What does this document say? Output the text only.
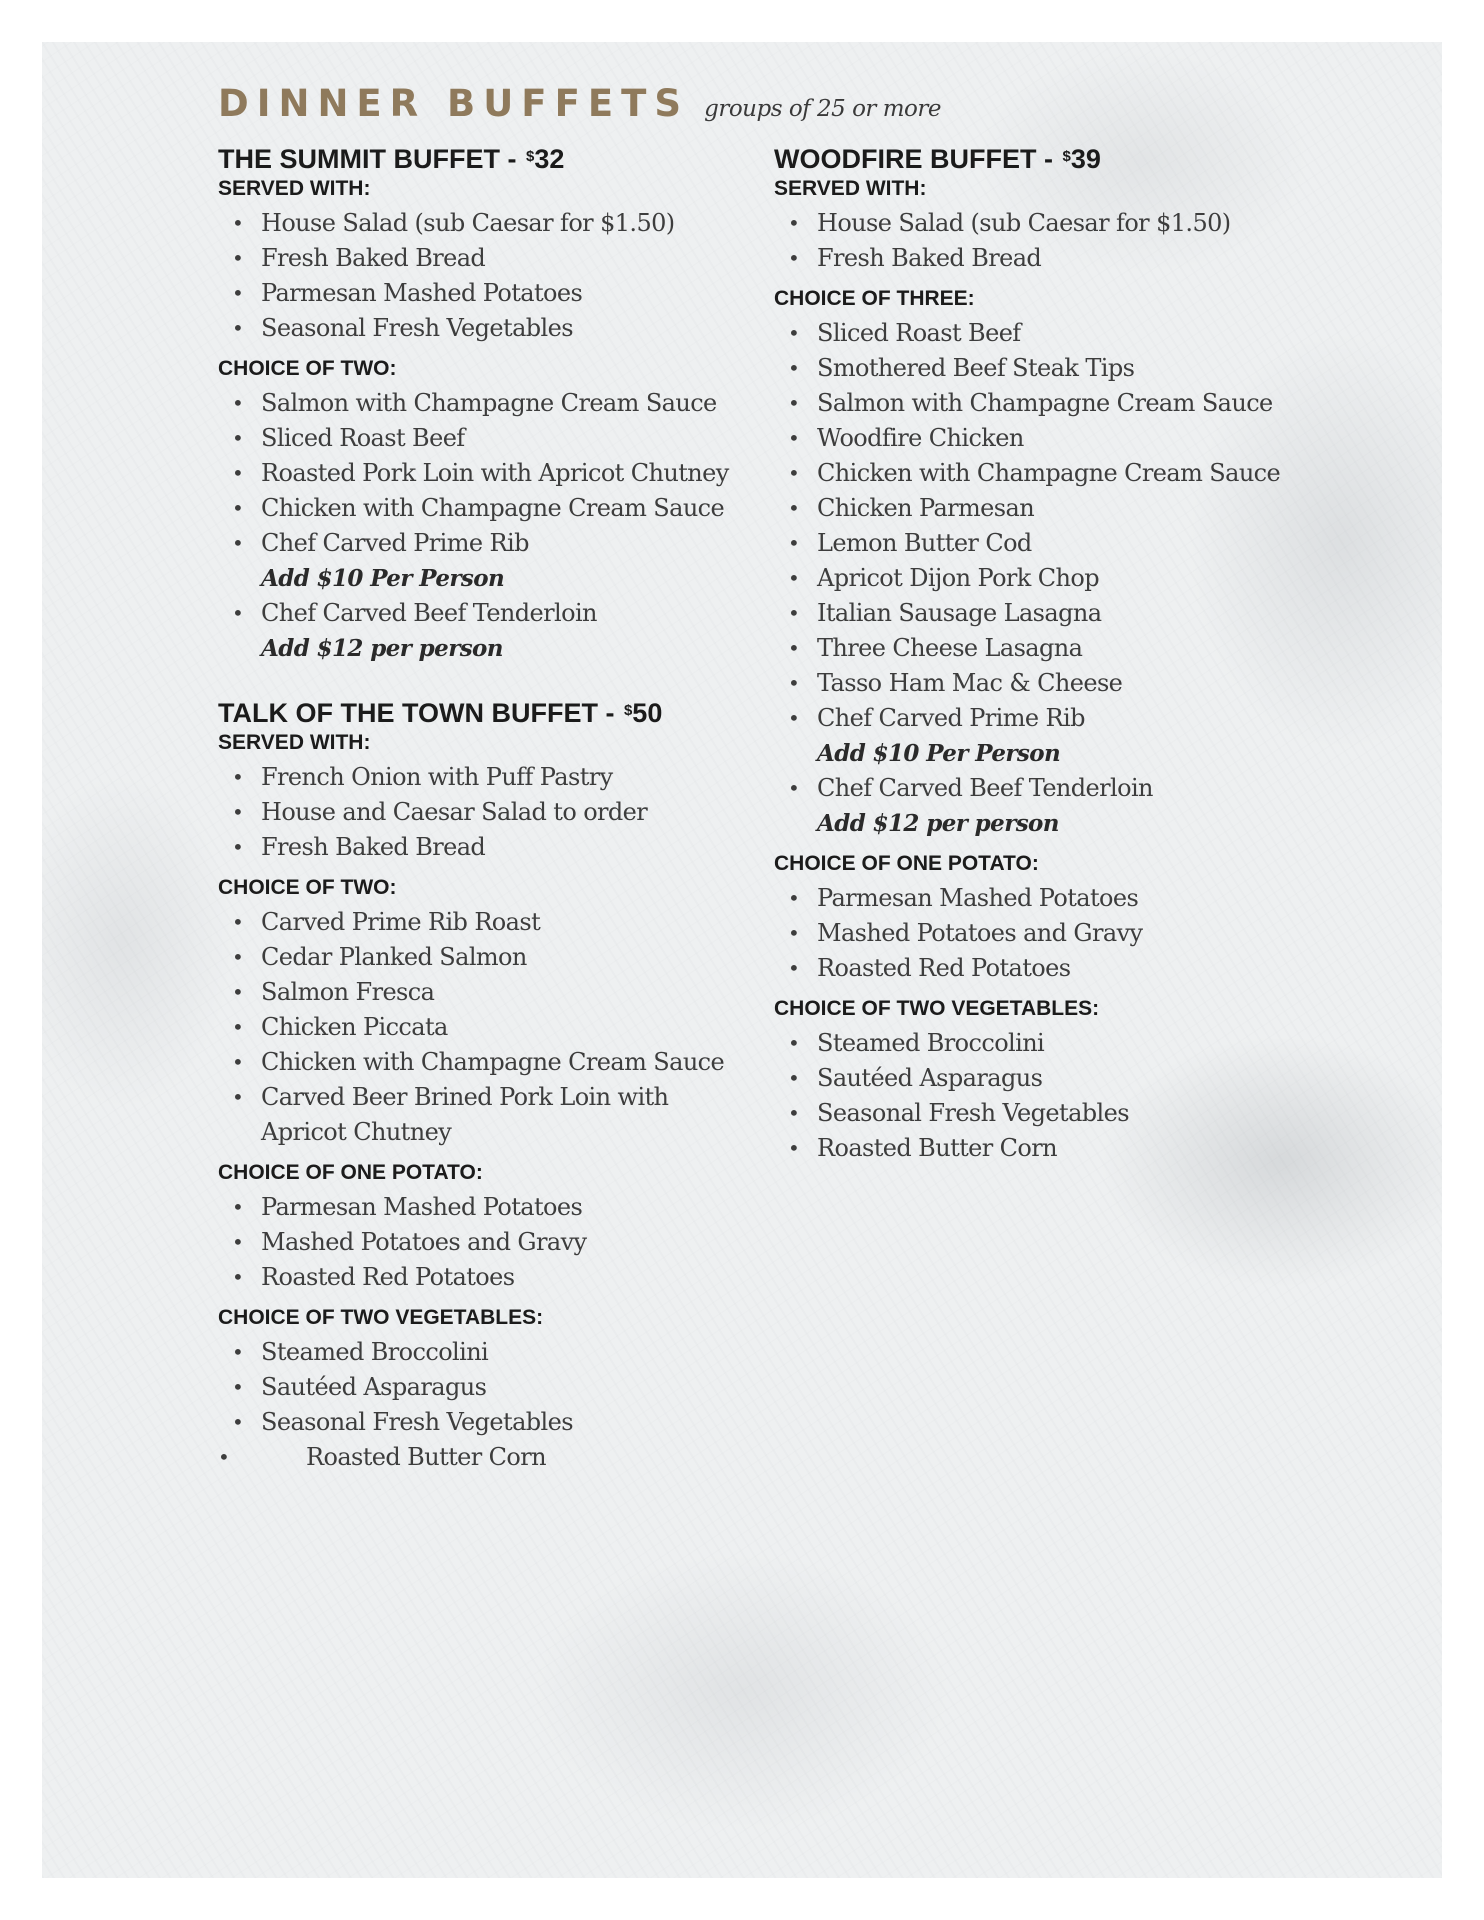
DINNER BUFFETS groups of 25 or more
THE SUMMIT BUFFET - $32
SERVED WITH:
• House Salad (sub Caesar for $1.50)
• Fresh Baked Bread
• Parmesan Mashed Potatoes
• Seasonal Fresh Vegetables
CHOICE OF TWO:
• Salmon with Champagne Cream Sauce
• Sliced Roast Beef
• Roasted Pork Loin with Apricot Chutney
• Chicken with Champagne Cream Sauce
• Chef Carved Prime Rib
Add $10 Per Person
• Chef Carved Beef Tenderloin
Add $12 per person
TALK OF THE TOWN BUFFET - $50
SERVED WITH:
• French Onion with Puff Pastry
• House and Caesar Salad to order
• Fresh Baked Bread
CHOICE OF TWO:
• Carved Prime Rib Roast
• Cedar Planked Salmon
• Salmon Fresca
• Chicken Piccata
• Chicken with Champagne Cream Sauce
• Carved Beer Brined Pork Loin with Apricot Chutney
CHOICE OF ONE POTATO:
• Parmesan Mashed Potatoes
• Mashed Potatoes and Gravy
• Roasted Red Potatoes
CHOICE OF TWO VEGETABLES:
• Steamed Broccolini
• Sautéed Asparagus
• Seasonal Fresh Vegetables
•	Roasted Butter Corn
WOODFIRE BUFFET - $39
SERVED WITH:
• House Salad (sub Caesar for $1.50)
• Fresh Baked Bread
CHOICE OF THREE:
• Sliced Roast Beef
• Smothered Beef Steak Tips
• Salmon with Champagne Cream Sauce
• Woodfire Chicken
• Chicken with Champagne Cream Sauce
• Chicken Parmesan
• Lemon Butter Cod
• Apricot Dijon Pork Chop
• Italian Sausage Lasagna
• Three Cheese Lasagna
• Tasso Ham Mac & Cheese
• Chef Carved Prime Rib
Add $10 Per Person
• Chef Carved Beef Tenderloin
Add $12 per person
CHOICE OF ONE POTATO:
• Parmesan Mashed Potatoes
• Mashed Potatoes and Gravy
• Roasted Red Potatoes
CHOICE OF TWO VEGETABLES:
• Steamed Broccolini
• Sautéed Asparagus
• Seasonal Fresh Vegetables
• Roasted Butter Corn
